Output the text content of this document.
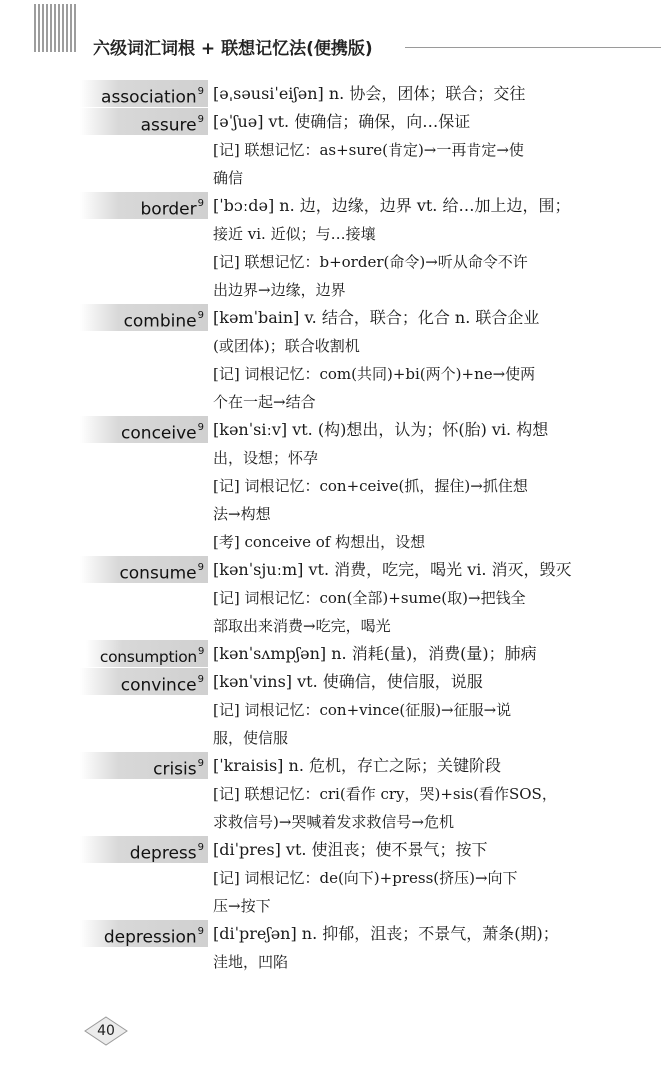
六级词汇词根 + 联想记忆法(便携版)
association$^9$ [əˌsəusiˈeiʃən] n. 协会，团体；联合；交往
assure$^9$ [əˈʃuə] vt. 使确信；确保，向…保证
[记] 联想记忆：as+sure(肯定)→一再肯定→使
确信
border$^9$ [ˈbɔːdə] n. 边，边缘，边界 vt. 给…加上边，围；
接近 vi. 近似；与…接壤
[记] 联想记忆：b+order(命令)→听从命令不许
出边界→边缘，边界
combine$^9$ [kəmˈbain] v. 结合，联合；化合 n. 联合企业
(或团体)；联合收割机
[记] 词根记忆：com(共同)+bi(两个)+ne→使两
个在一起→结合
conceive$^9$ [kənˈsiːv] vt. (构)想出，认为；怀(胎) vi. 构想
出，设想；怀孕
[记] 词根记忆：con+ceive(抓，握住)→抓住想
法→构想
[考] conceive of 构想出，设想
consume$^9$ [kənˈsjuːm] vt. 消费，吃完，喝光 vi. 消灭，毁灭
[记] 词根记忆：con(全部)+sume(取)→把钱全
部取出来消费→吃完，喝光
consumption$^9$ [kənˈsʌmpʃən] n. 消耗(量)，消费(量)；肺病
convince$^9$ [kənˈvins] vt. 使确信，使信服，说服
[记] 词根记忆：con+vince(征服)→征服→说
服，使信服
crisis$^9$ [ˈkraisis] n. 危机，存亡之际；关键阶段
[记] 联想记忆：cri(看作 cry，哭)+sis(看作SOS，
求救信号)→哭喊着发求救信号→危机
depress$^9$ [diˈpres] vt. 使沮丧；使不景气；按下
[记] 词根记忆：de(向下)+press(挤压)→向下
压→按下
depression$^9$ [diˈpreʃən] n. 抑郁，沮丧；不景气，萧条(期)；
洼地，凹陷
40
